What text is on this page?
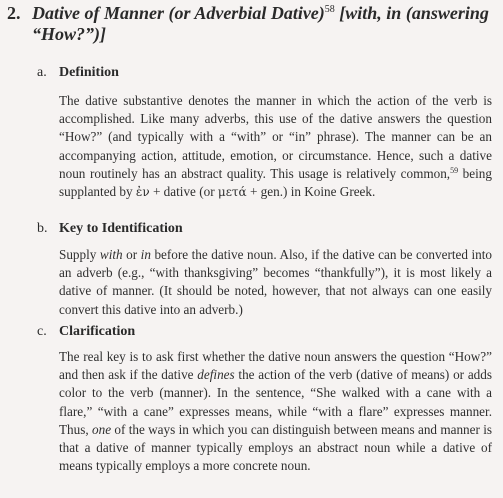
2. Dative of Manner (or Adverbial Dative)$^{58}$ [with, in (answering “How?”)]
a. Definition

The dative substantive denotes the manner in which the action of the verb is accomplished. Like many adverbs, this use of the dative answers the question “How?” (and typically with a “with” or “in” phrase). The manner can be an accompanying action, attitude, emotion, or circumstance. Hence, such a dative noun routinely has an abstract quality. This usage is relatively common,$^{59}$ being supplanted by ἐν + dative (or μετά + gen.) in Koine Greek.

b. Key to Identification

Supply with or in before the dative noun. Also, if the dative can be converted into an adverb (e.g., “with thanksgiving” becomes “thankfully”), it is most likely a dative of manner. (It should be noted, however, that not always can one easily convert this dative into an adverb.)

c. Clarification

The real key is to ask first whether the dative noun answers the question “How?” and then ask if the dative defines the action of the verb (dative of means) or adds color to the verb (manner). In the sentence, “She walked with a cane with a flare,” “with a cane” expresses means, while “with a flare” expresses manner. Thus, one of the ways in which you can distinguish between means and manner is that a dative of manner typically employs an abstract noun while a dative of means typically employs a more concrete noun.
